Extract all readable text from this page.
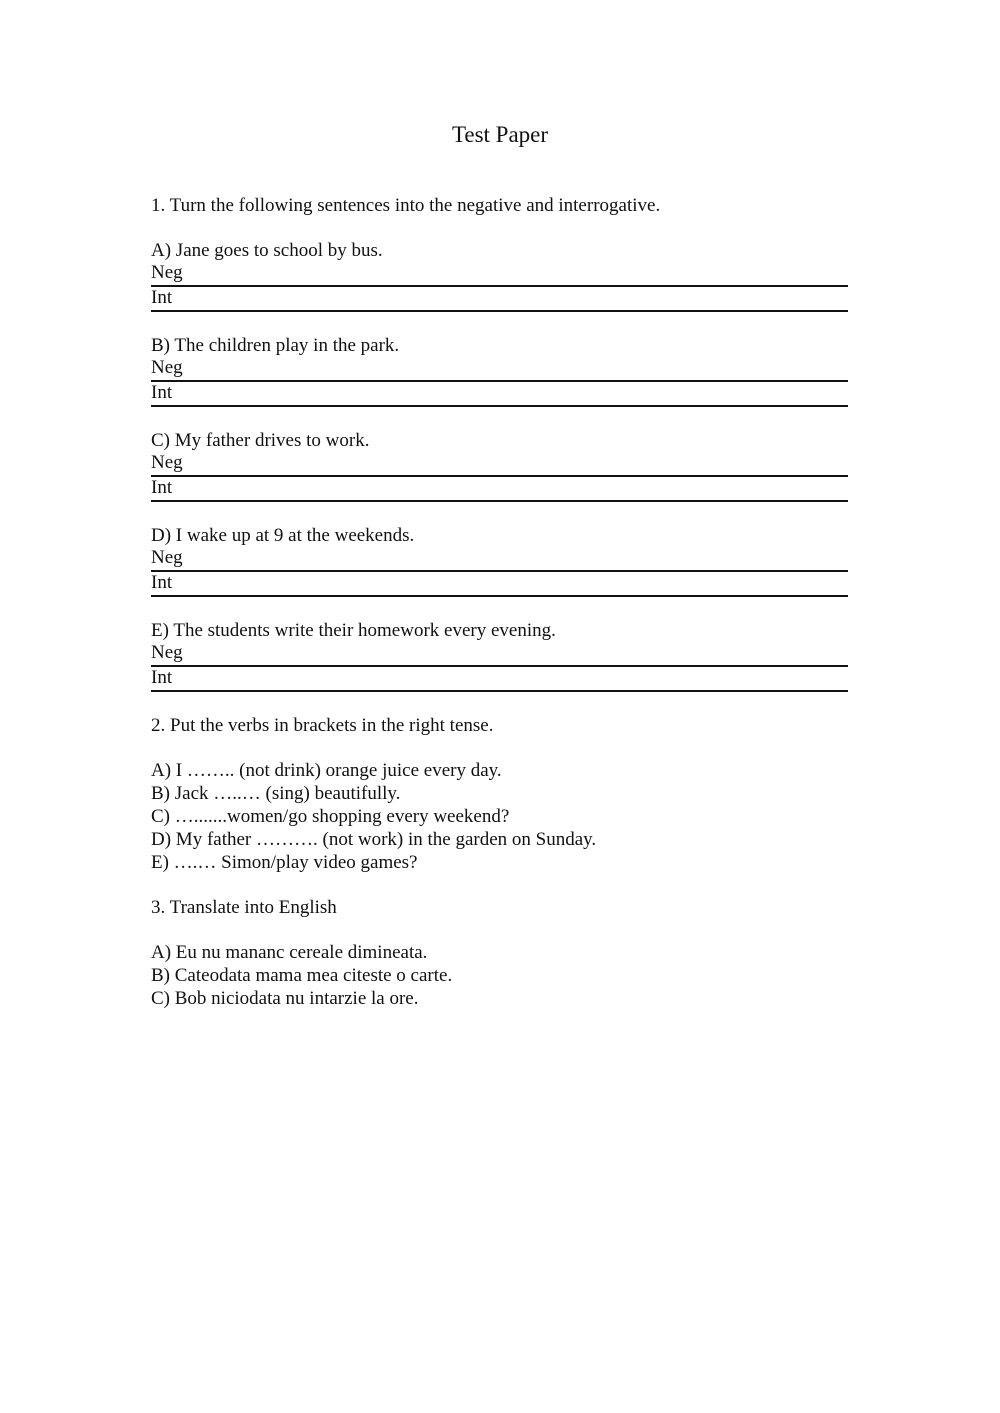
Test Paper
1. Turn the following sentences into the negative and interrogative.
A) Jane goes to school by bus.
Neg
Int
B) The children play in the park.
Neg
Int
C) My father drives to work.
Neg
Int
D) I wake up at 9 at the weekends.
Neg
Int
E) The students write their homework every evening.
Neg
Int
2. Put the verbs in brackets in the right tense.
A) I …….. (not drink) orange juice every day.
B) Jack …..… (sing) beautifully.
C) ….......women/go shopping every weekend?
D) My father ………. (not work) in the garden on Sunday.
E) ….… Simon/play video games?
3. Translate into English
A) Eu nu mananc cereale dimineata.
B) Cateodata mama mea citeste o carte.
C) Bob niciodata nu intarzie la ore.
